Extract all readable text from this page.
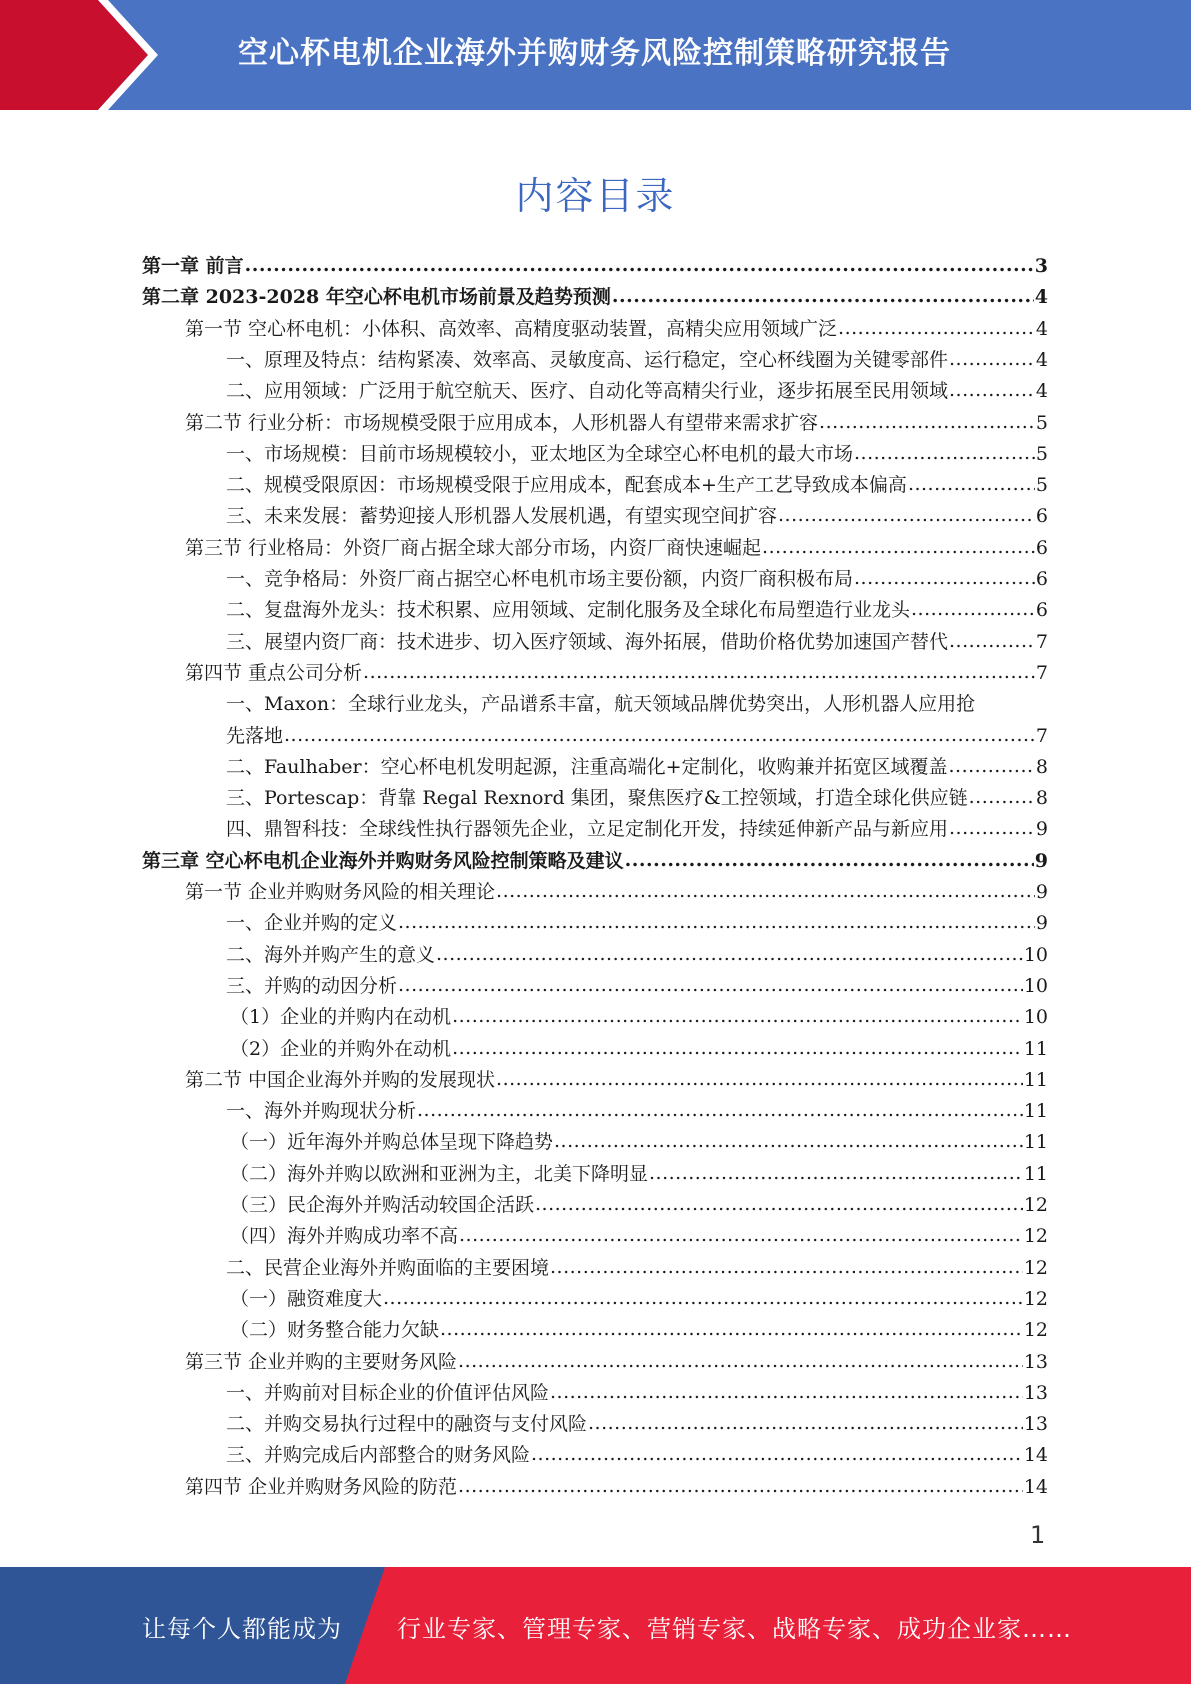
空心杯电机企业海外并购财务风险控制策略研究报告
内容目录
第一章 前言 .....	3
第二章 2023-2028 年空心杯电机市场前景及趋势预测 .....	4
第一节 空心杯电机：小体积、高效率、高精度驱动装置，高精尖应用领域广泛 .....	4
一、原理及特点：结构紧凑、效率高、灵敏度高、运行稳定，空心杯线圈为关键零部件 .....	4
二、应用领域：广泛用于航空航天、医疗、自动化等高精尖行业，逐步拓展至民用领域 .....	4
第二节 行业分析：市场规模受限于应用成本，人形机器人有望带来需求扩容 .....	5
一、市场规模：目前市场规模较小，亚太地区为全球空心杯电机的最大市场 .....	5
二、规模受限原因：市场规模受限于应用成本，配套成本+生产工艺导致成本偏高 .....	5
三、未来发展：蓄势迎接人形机器人发展机遇，有望实现空间扩容 .....	6
第三节 行业格局：外资厂商占据全球大部分市场，内资厂商快速崛起 .....	6
一、竞争格局：外资厂商占据空心杯电机市场主要份额，内资厂商积极布局 .....	6
二、复盘海外龙头：技术积累、应用领域、定制化服务及全球化布局塑造行业龙头 .....	6
三、展望内资厂商：技术进步、切入医疗领域、海外拓展，借助价格优势加速国产替代 .....	7
第四节 重点公司分析 .....	7
一、Maxon：全球行业龙头，产品谱系丰富，航天领域品牌优势突出，人形机器人应用抢
先落地 .....	7
二、Faulhaber：空心杯电机发明起源，注重高端化+定制化，收购兼并拓宽区域覆盖 .....	8
三、Portescap：背靠 Regal Rexnord 集团，聚焦医疗&工控领域，打造全球化供应链 .....	8
四、鼎智科技：全球线性执行器领先企业，立足定制化开发，持续延伸新产品与新应用 .....	9
第三章 空心杯电机企业海外并购财务风险控制策略及建议 .....	9
第一节 企业并购财务风险的相关理论 .....	9
一、企业并购的定义 .....	9
二、海外并购产生的意义 .....	10
三、并购的动因分析 .....	10
（1）企业的并购内在动机 .....	10
（2）企业的并购外在动机 .....	11
第二节 中国企业海外并购的发展现状 .....	11
一、海外并购现状分析 .....	11
（一）近年海外并购总体呈现下降趋势 .....	11
（二）海外并购以欧洲和亚洲为主，北美下降明显 .....	11
（三）民企海外并购活动较国企活跃 .....	12
（四）海外并购成功率不高 .....	12
二、民营企业海外并购面临的主要困境 .....	12
（一）融资难度大 .....	12
（二）财务整合能力欠缺 .....	12
第三节 企业并购的主要财务风险 .....	13
一、并购前对目标企业的价值评估风险 .....	13
二、并购交易执行过程中的融资与支付风险 .....	13
三、并购完成后内部整合的财务风险 .....	14
第四节 企业并购财务风险的防范 .....	14
1
让每个人都能成为 行业专家、管理专家、营销专家、战略专家、成功企业家……
